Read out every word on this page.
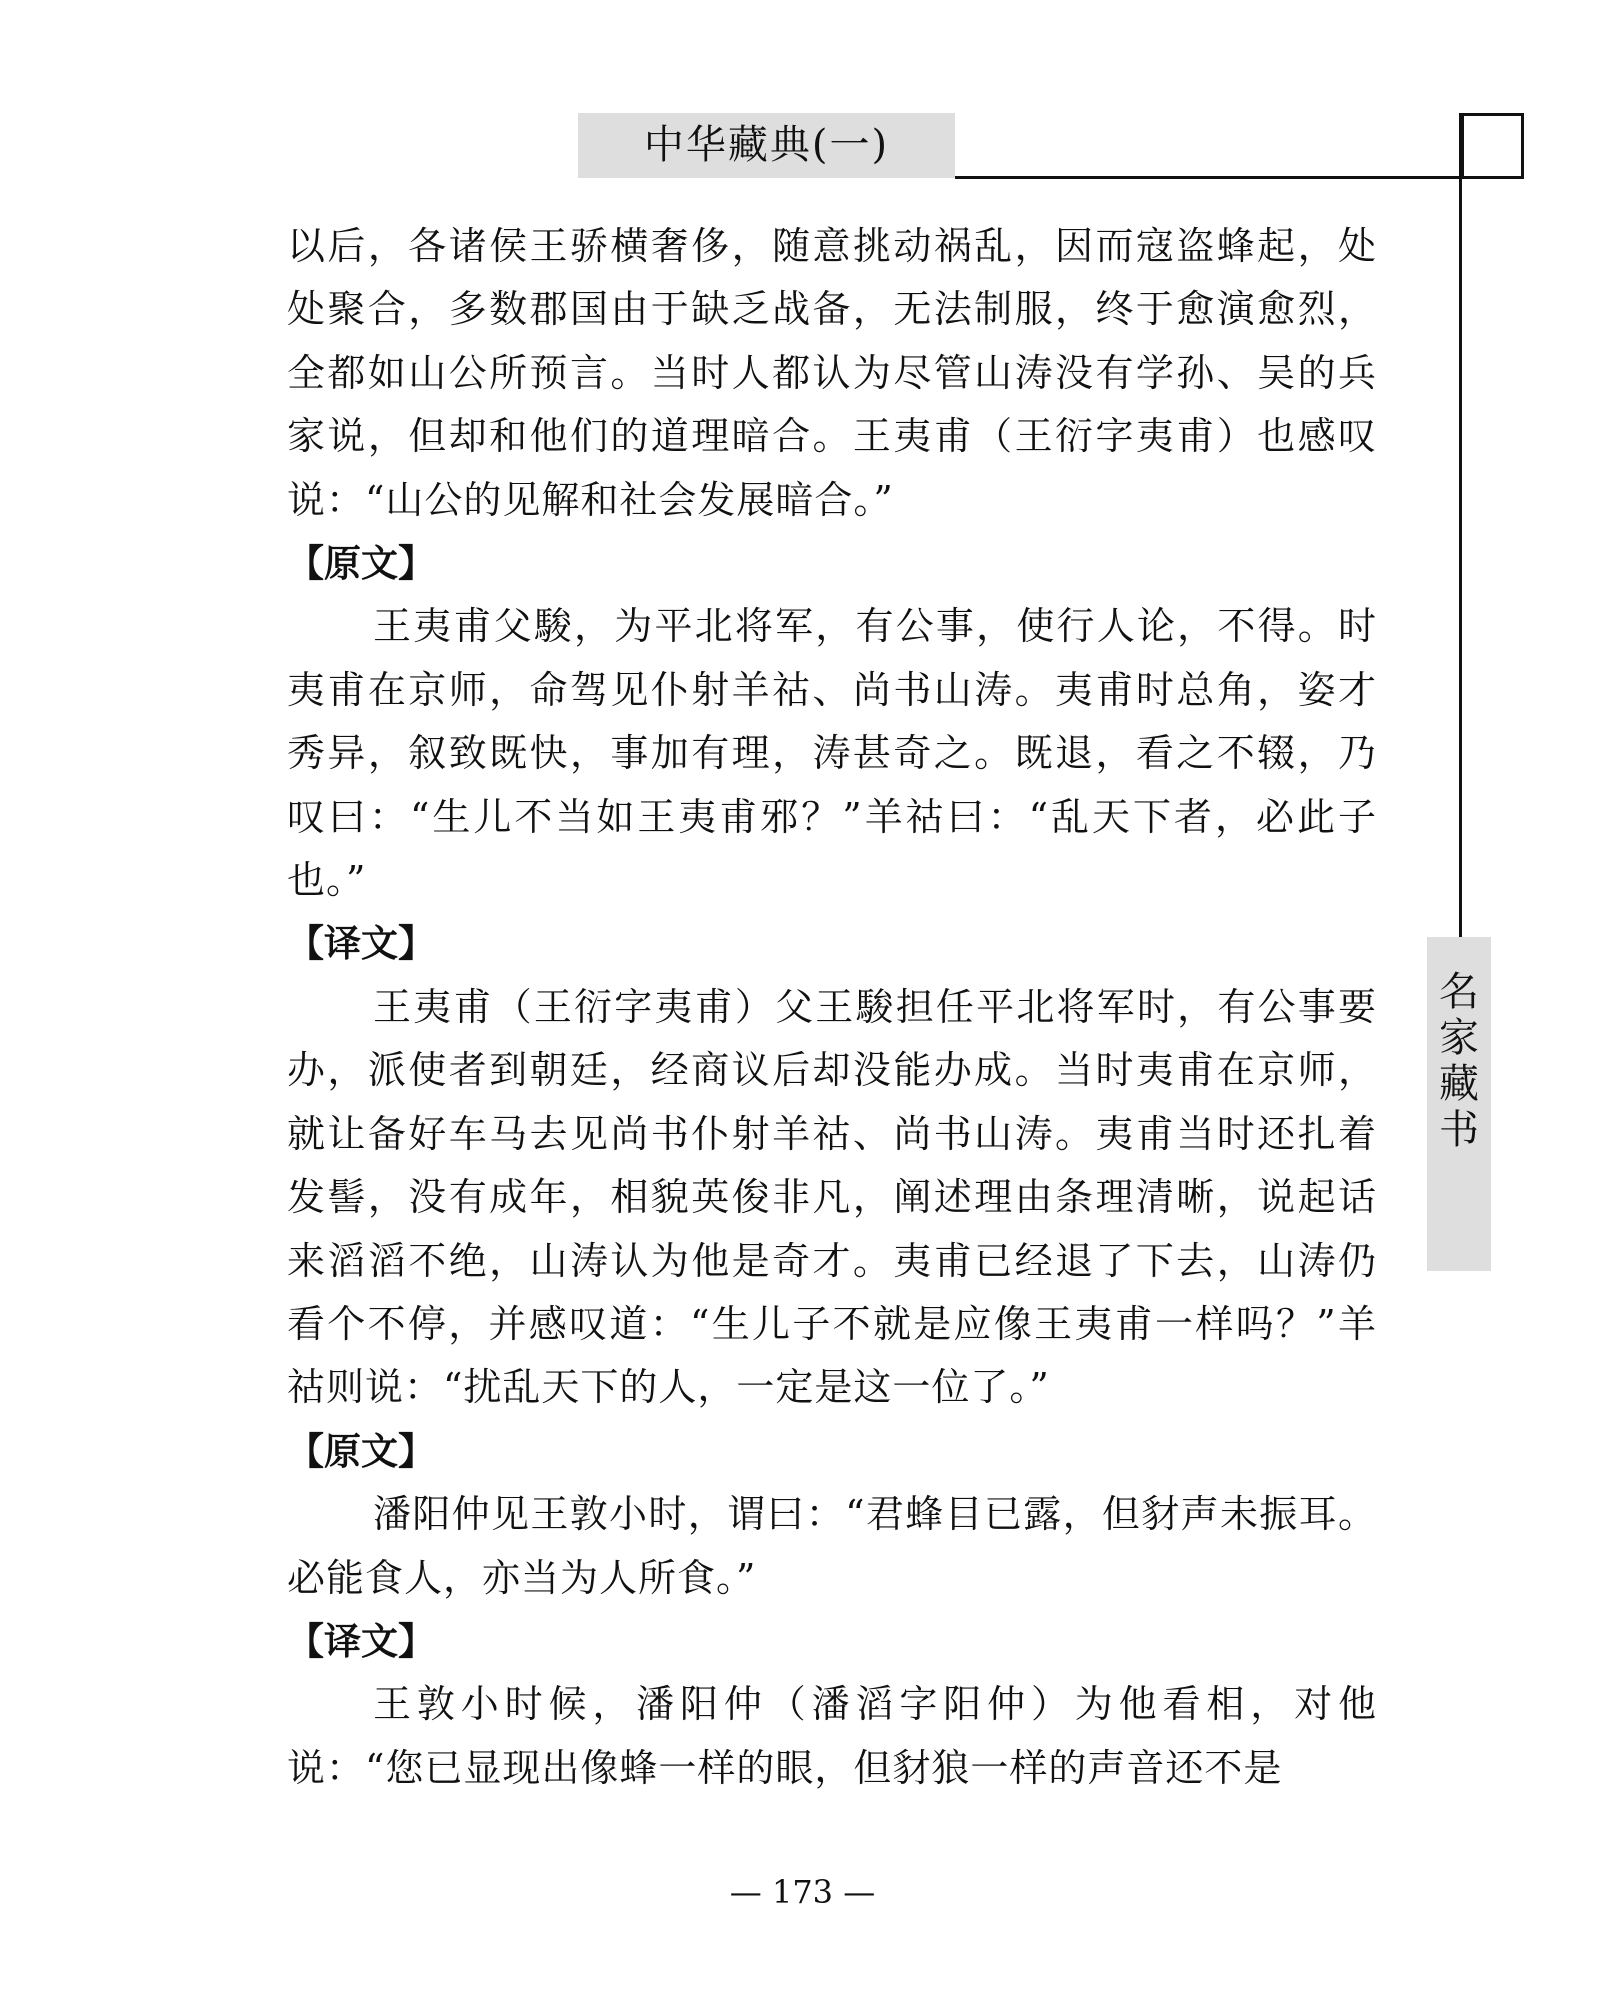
中华藏典(一)
名
家
藏
书

以后，各诸侯王骄横奢侈，随意挑动祸乱，因而寇盗蜂起，处处聚合，多数郡国由于缺乏战备，无法制服，终于愈演愈烈，全都如山公所预言。当时人都认为尽管山涛没有学孙、吴的兵家说，但却和他们的道理暗合。王夷甫（王衍字夷甫）也感叹说：“山公的见解和社会发展暗合。”

【原文】

王夷甫父駿，为平北将军，有公事，使行人论，不得。时夷甫在京师，命驾见仆射羊祜、尚书山涛。夷甫时总角，姿才秀异，叙致既快，事加有理，涛甚奇之。既退，看之不辍，乃叹曰：“生儿不当如王夷甫邪？”羊祜曰：“乱天下者，必此子也。”

【译文】

王夷甫（王衍字夷甫）父王駿担任平北将军时，有公事要办，派使者到朝廷，经商议后却没能办成。当时夷甫在京师，就让备好车马去见尚书仆射羊祜、尚书山涛。夷甫当时还扎着发髻，没有成年，相貌英俊非凡，阐述理由条理清晰，说起话来滔滔不绝，山涛认为他是奇才。夷甫已经退了下去，山涛仍看个不停，并感叹道：“生儿子不就是应像王夷甫一样吗？”羊祜则说：“扰乱天下的人，一定是这一位了。”

【原文】

潘阳仲见王敦小时，谓曰：“君蜂目已露，但豺声未振耳。必能食人，亦当为人所食。”

【译文】

王敦小时候，潘阳仲（潘滔字阳仲）为他看相，对他说：“您已显现出像蜂一样的眼，但豺狼一样的声音还不是

— 173 —
